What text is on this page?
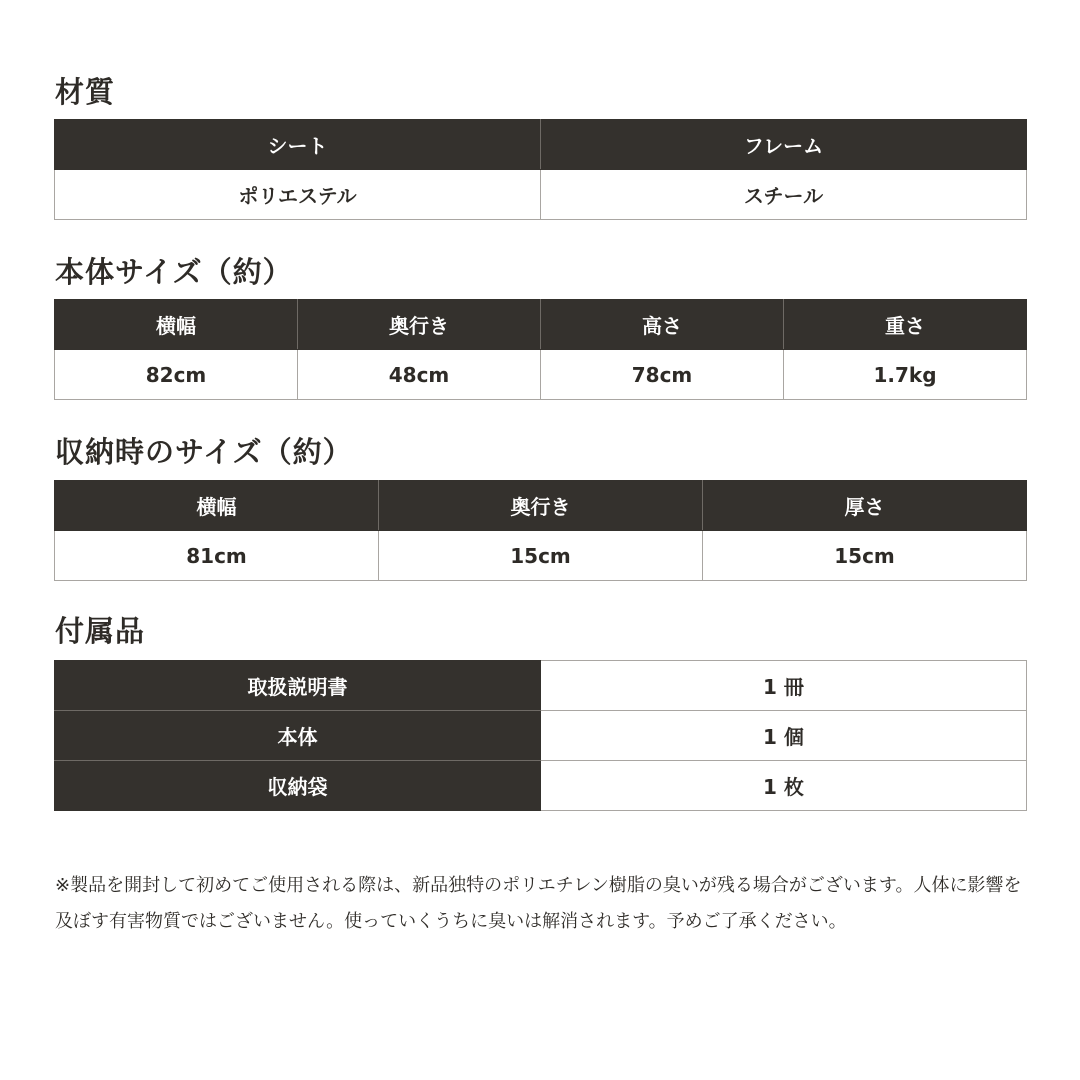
材質
シート	フレーム
ポリエステル	スチール
本体サイズ（約）
横幅	奥行き	高さ	重さ
82cm	48cm	78cm	1.7kg
収納時のサイズ（約）
横幅	奥行き	厚さ
81cm	15cm	15cm
付属品
取扱説明書	1 冊
本体	1 個
収納袋	1 枚

※製品を開封して初めてご使用される際は、新品独特のポリエチレン樹脂の臭いが残る場合がございます。人体に影響を及ぼす有害物質ではございません。使っていくうちに臭いは解消されます。予めご了承ください。
